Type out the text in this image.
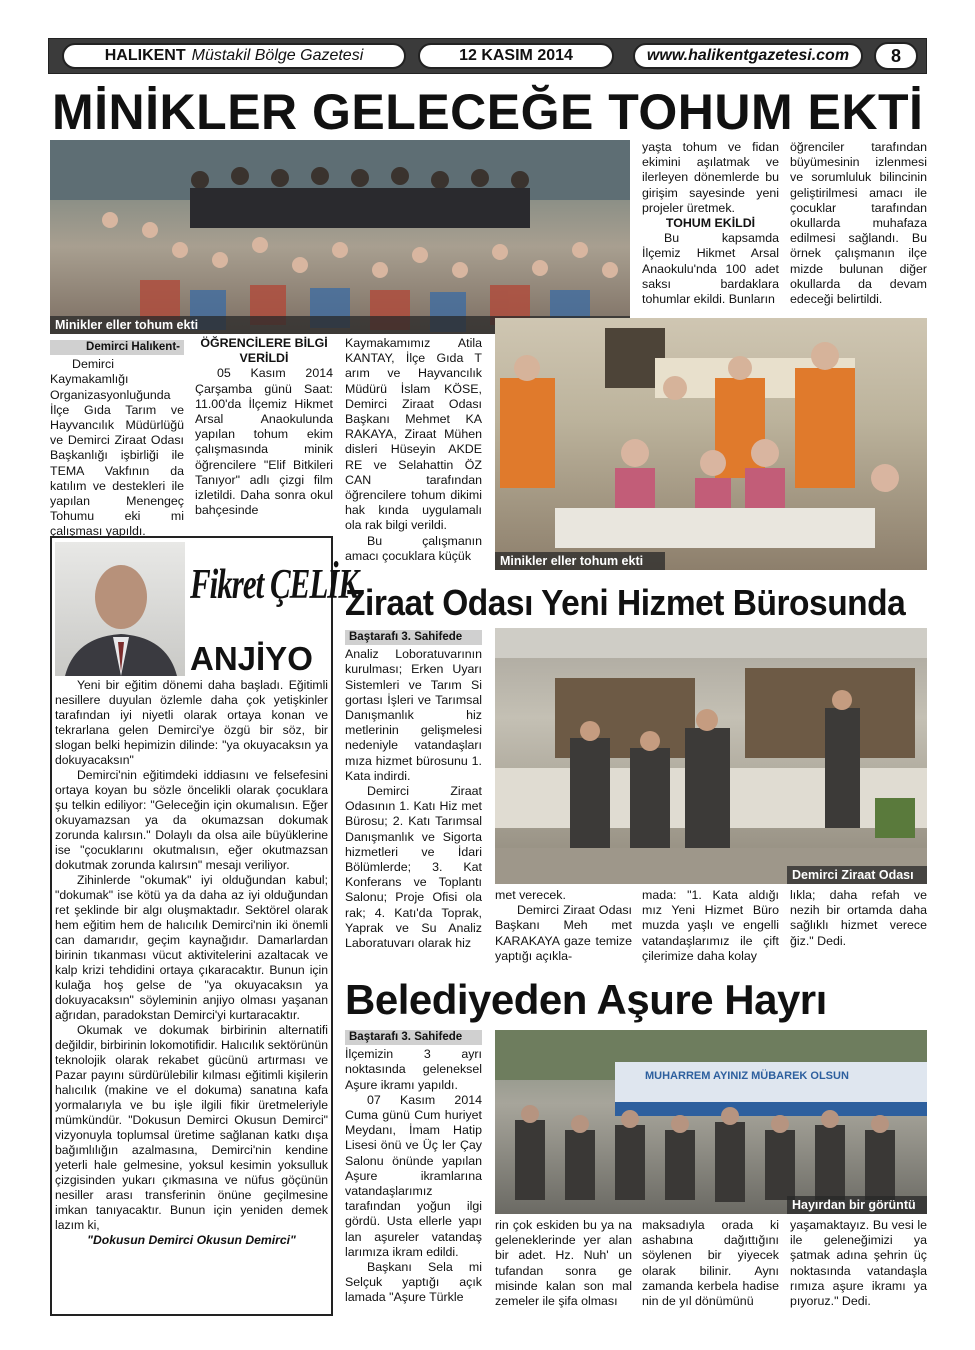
HALIKENT Müstakil Bölge Gazetesi	12 KASIM 2014	www.halikentgazetesi.com 8
MİNİKLER GELECEĞE TOHUM EKTİ
Minikler eller tohum ekti

yaşta tohum ve fidan ekimini aşılatmak ve ilerleyen dönemlerde bu girişim sayesinde yeni projeler üretmek.

TOHUM EKİLDİ

Bu kapsamda İlçemiz Hikmet Arsal Anaokulu'nda 100 adet saksı bardaklara tohumlar ekildi. Bunların

öğrenciler tarafından büyümesinin izlenmesi ve sorumluluk bilincinin geliştirilmesi amacı ile çocuklar tarafından okullarda muhafaza edilmesi sağlandı. Bu örnek çalışmanın ilçe mizde bulunan diğer okullarda da devam edeceği belirtildi.

Demirci Halıkent-

Demirci Kaymakamlığı Organizasyonluğunda İlçe Gıda Tarım ve Hayvancılık Müdürlüğü ve Demirci Ziraat Odası Başkanlığı işbirliği ile TEMA Vakfının da katılım ve destekleri ile yapılan Menengeç Tohumu eki mi çalışması yapıldı.

ÖĞRENCİLERE BİLGİ VERİLDİ

05 Kasım 2014 Çarşamba günü Saat: 11.00'da İlçemiz Hikmet Arsal Anaokulunda yapılan tohum ekim çalışmasında minik öğrencilere "Elif Bitkileri Tanıyor" adlı çizgi film izletildi. Daha sonra okul bahçesinde

Kaymakamımız Atila KANTAY, İlçe Gıda T arım ve Hayvancılık Müdürü İslam KÖSE, Demirci Ziraat Odası Başkanı Mehmet KA RAKAYA, Ziraat Mühen disleri Hüseyin AKDE RE ve Selahattin ÖZ CAN tarafından öğrencilere tohum dikimi hak kında uygulamalı ola rak bilgi verildi.

Bu çalışmanın amacı çocuklara küçük	Minikler eller tohum ekti
Fikret ÇELİK
ANJİYO

Yeni bir eğitim dönemi daha başladı. Eğitimli nesillere duyulan özlemle daha çok yetişkinler tarafından iyi niyetli olarak ortaya konan ve tekrarlana gelen Demirci'ye özgü bir söz, bir slogan belki hepimizin dilinde: "ya okuyacaksın ya dokuyacaksın"

Demirci'nin eğitimdeki iddiasını ve felsefesini ortaya koyan bu sözle öncelikli olarak çocuklara şu telkin ediliyor: "Geleceğin için okumalısın. Eğer okuyamazsan ya da okumazsan dokumak zorunda kalırsın." Dolaylı da olsa aile büyüklerine ise "çocuklarını okutmalısın, eğer okutmazsan dokutmak zorunda kalırsın" mesajı veriliyor.

Zihinlerde "okumak" iyi olduğundan kabul; "dokumak" ise kötü ya da daha az iyi olduğundan ret şeklinde bir algı oluşmaktadır. Sektörel olarak hem eğitim hem de halıcılık Demirci'nin iki önemli can damarıdır, geçim kaynağıdır. Damarlardan birinin tıkanması vücut aktivitelerini azaltacak ve kalp krizi tehdidini ortaya çıkaracaktır. Bunun için kulağa hoş gelse de "ya okuyacaksın ya dokuyacaksın" söyleminin anjiyo olması yaşanan ağrıdan, paradokstan Demirci'yi kurtaracaktır.

Okumak ve dokumak birbirinin alternatifi değildir, birbirinin lokomotifidir. Halıcılık sektörünün teknolojik olarak rekabet gücünü artırması ve Pazar payını sürdürülebilir kılması eğitimli kişilerin halıcılık (makine ve el dokuma) sanatına kafa yormalarıyla ve bu işle ilgili fikir üretmeleriyle mümkündür. "Dokusun Demirci Okusun Demirci" vizyonuyla toplumsal üretime sağlanan katkı dışa bağımlılığın azalmasına, Demirci'nin kendine yeterli hale gelmesine, yoksul kesimin yoksulluk çizgisinden yukarı çıkmasına ve nüfus göçünün nesiller arası transferinin önüne geçilmesine imkan tanıyacaktır. Bunun için yeniden demek lazım ki,

"Dokusun Demirci Okusun Demirci"

Ziraat Odası Yeni Hizmet Bürosunda
Baştarafı 3. Sahifede

Analiz Loboratuvarının kurulması; Erken Uyarı Sistemleri ve Tarım Si gortası İşleri ve Tarımsal Danışmanlık hiz metlerinin gelişmelesi nedeniyle vatandaşları mıza hizmet bürosunu 1. Kata indirdi.

Demirci Ziraat Odasının 1. Katı Hiz met Bürosu; 2. Katı Tarımsal Danışmanlık ve Sigorta hizmetleri ve İdari Bölümlerde; 3. Kat Konferans ve Toplantı Salonu; Proje Ofisi ola rak; 4. Katı'da Toprak, Yaprak ve Su Analiz Laboratuvarı olarak hiz

Demirci Ziraat Odası

met verecek.

Demirci Ziraat Odası Başkanı Meh met KARAKAYA gaze temize yaptığı açıkla-

mada: "1. Kata aldığı mız Yeni Hizmet Büro muzda yaşlı ve engelli vatandaşlarımız ile çift çilerimize daha kolay

lıkla; daha refah ve nezih bir ortamda daha sağlıklı hizmet verece ğiz." Dedi.

Belediyeden Aşure Hayrı
Baştarafı 3. Sahifede

İlçemizin 3 ayrı noktasında geleneksel Aşure ikramı yapıldı.

07 Kasım 2014 Cuma günü Cum huriyet Meydanı, İmam Hatip Lisesi önü ve Üç ler Çay Salonu önünde yapılan Aşure ikramlarına vatandaşlarımız tarafından yoğun ilgi gördü. Usta ellerle yapı lan aşureler vatandaş larımıza ikram edildi.

Başkanı Sela mi Selçuk yaptığı açık lamada "Aşure Türkle

MUHARREM AYINIZ MÜBAREK OLSUN
Hayırdan bir görüntü

rin çok eskiden bu ya na geleneklerinde yer alan bir adet. Hz. Nuh' un tufandan sonra ge misinde kalan son mal zemeler ile şifa olması

maksadıyla orada ki ashabına dağıttığını söylenen bir yiyecek olarak bilinir. Aynı zamanda kerbela hadise nin de yıl dönümünü

yaşamaktayız. Bu vesi le ile geleneğimizi ya şatmak adına şehrin üç noktasında vatandaşla rımıza aşure ikramı ya pıyoruz." Dedi.
